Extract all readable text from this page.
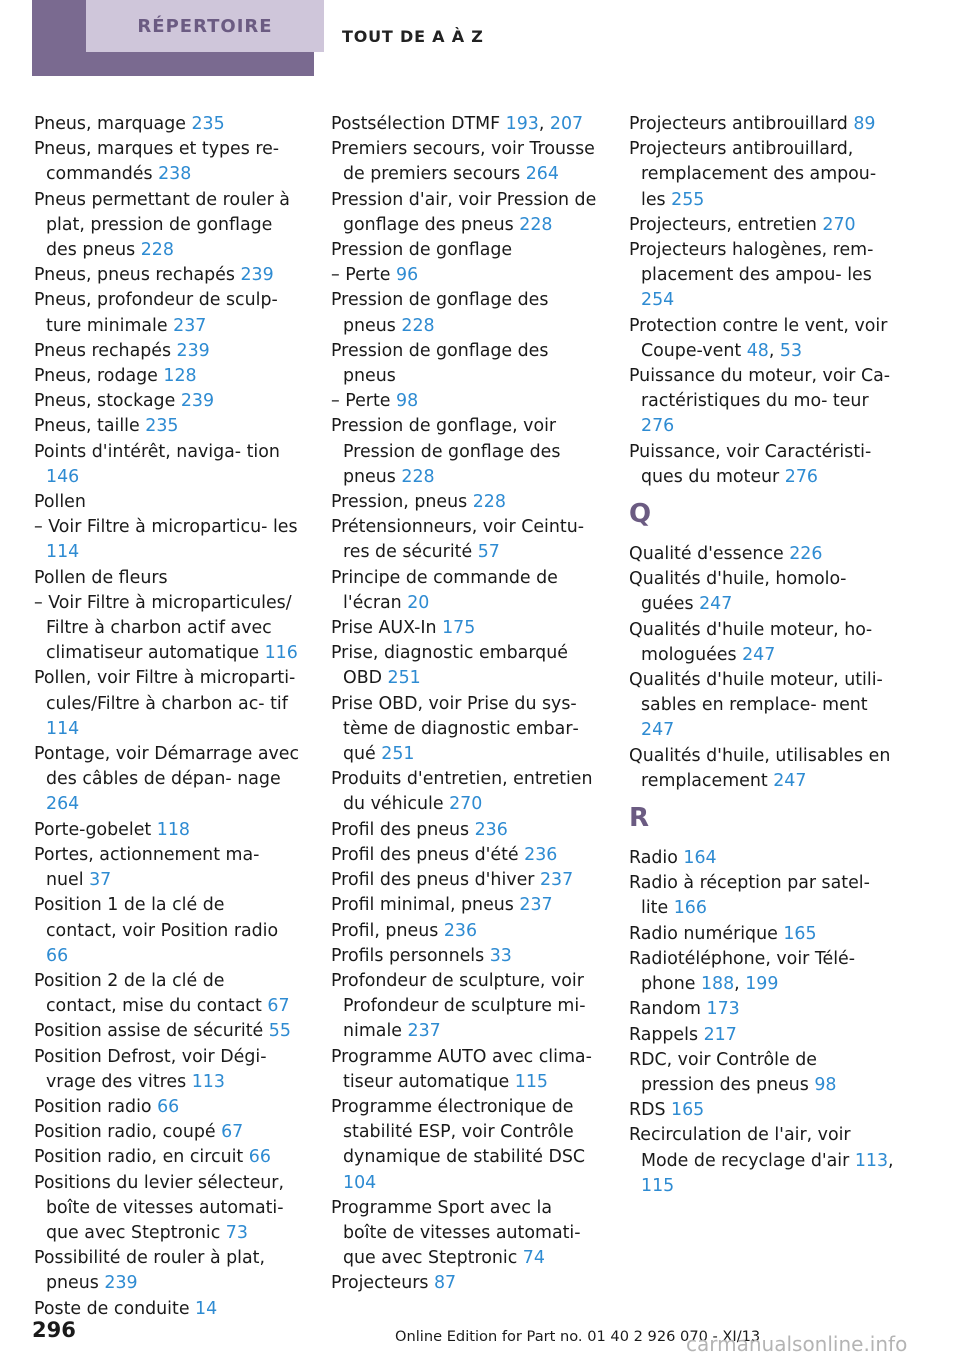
RÉPERTOIRE	TOUT DE A À Z
Pneus, marquage 235
Pneus, marques et types re‐ commandés 238
Pneus permettant de rouler à plat, pression de gonflage des pneus 228
Pneus, pneus rechapés 239
Pneus, profondeur de sculp‐ ture minimale 237
Pneus rechapés 239
Pneus, rodage 128
Pneus, stockage 239
Pneus, taille 235
Points d'intérêt, naviga‐ tion 146
Pollen
– Voir Filtre à microparticu‐ les 114
Pollen de fleurs
– Voir Filtre à microparticules/ Filtre à charbon actif avec climatiseur automatique 116
Pollen, voir Filtre à microparti‐ cules/Filtre à charbon ac‐ tif 114
Pontage, voir Démarrage avec des câbles de dépan‐ nage 264
Porte-gobelet 118
Portes, actionnement ma‐ nuel 37
Position 1 de la clé de contact, voir Position radio 66
Position 2 de la clé de contact, mise du contact 67
Position assise de sécurité 55
Position Defrost, voir Dégi‐ vrage des vitres 113
Position radio 66
Position radio, coupé 67
Position radio, en circuit 66
Positions du levier sélecteur, boîte de vitesses automati‐ que avec Steptronic 73
Possibilité de rouler à plat, pneus 239
Poste de conduite 14
Postsélection DTMF 193, 207
Premiers secours, voir Trousse de premiers secours 264
Pression d'air, voir Pression de gonflage des pneus 228
Pression de gonflage
– Perte 96
Pression de gonflage des pneus 228
Pression de gonflage des pneus
– Perte 98
Pression de gonflage, voir Pression de gonflage des pneus 228
Pression, pneus 228
Prétensionneurs, voir Ceintu‐ res de sécurité 57
Principe de commande de l'écran 20
Prise AUX-In 175
Prise, diagnostic embarqué OBD 251
Prise OBD, voir Prise du sys‐ tème de diagnostic embar‐ qué 251
Produits d'entretien, entretien du véhicule 270
Profil des pneus 236
Profil des pneus d'été 236
Profil des pneus d'hiver 237
Profil minimal, pneus 237
Profil, pneus 236
Profils personnels 33
Profondeur de sculpture, voir Profondeur de sculpture mi‐ nimale 237
Programme AUTO avec clima‐ tiseur automatique 115
Programme électronique de stabilité ESP, voir Contrôle dynamique de stabilité DSC 104
Programme Sport avec la boîte de vitesses automati‐ que avec Steptronic 74
Projecteurs 87
Projecteurs antibrouillard 89
Projecteurs antibrouillard, remplacement des ampou‐ les 255
Projecteurs, entretien 270
Projecteurs halogènes, rem‐ placement des ampou‐ les 254
Protection contre le vent, voir Coupe-vent 48, 53
Puissance du moteur, voir Ca‐ ractéristiques du mo‐ teur 276
Puissance, voir Caractéristi‐ ques du moteur 276
Q
Qualité d'essence 226
Qualités d'huile, homolo‐ guées 247
Qualités d'huile moteur, ho‐ mologuées 247
Qualités d'huile moteur, utili‐ sables en remplace‐ ment 247
Qualités d'huile, utilisables en remplacement 247
R
Radio 164
Radio à réception par satel‐ lite 166
Radio numérique 165
Radiotéléphone, voir Télé‐ phone 188, 199
Random 173
Rappels 217
RDC, voir Contrôle de pression des pneus 98
RDS 165
Recirculation de l'air, voir Mode de recyclage d'air 113, 115
296	Online Edition for Part no. 01 40 2 926 070 - XI/13
carmanualsonline.info
